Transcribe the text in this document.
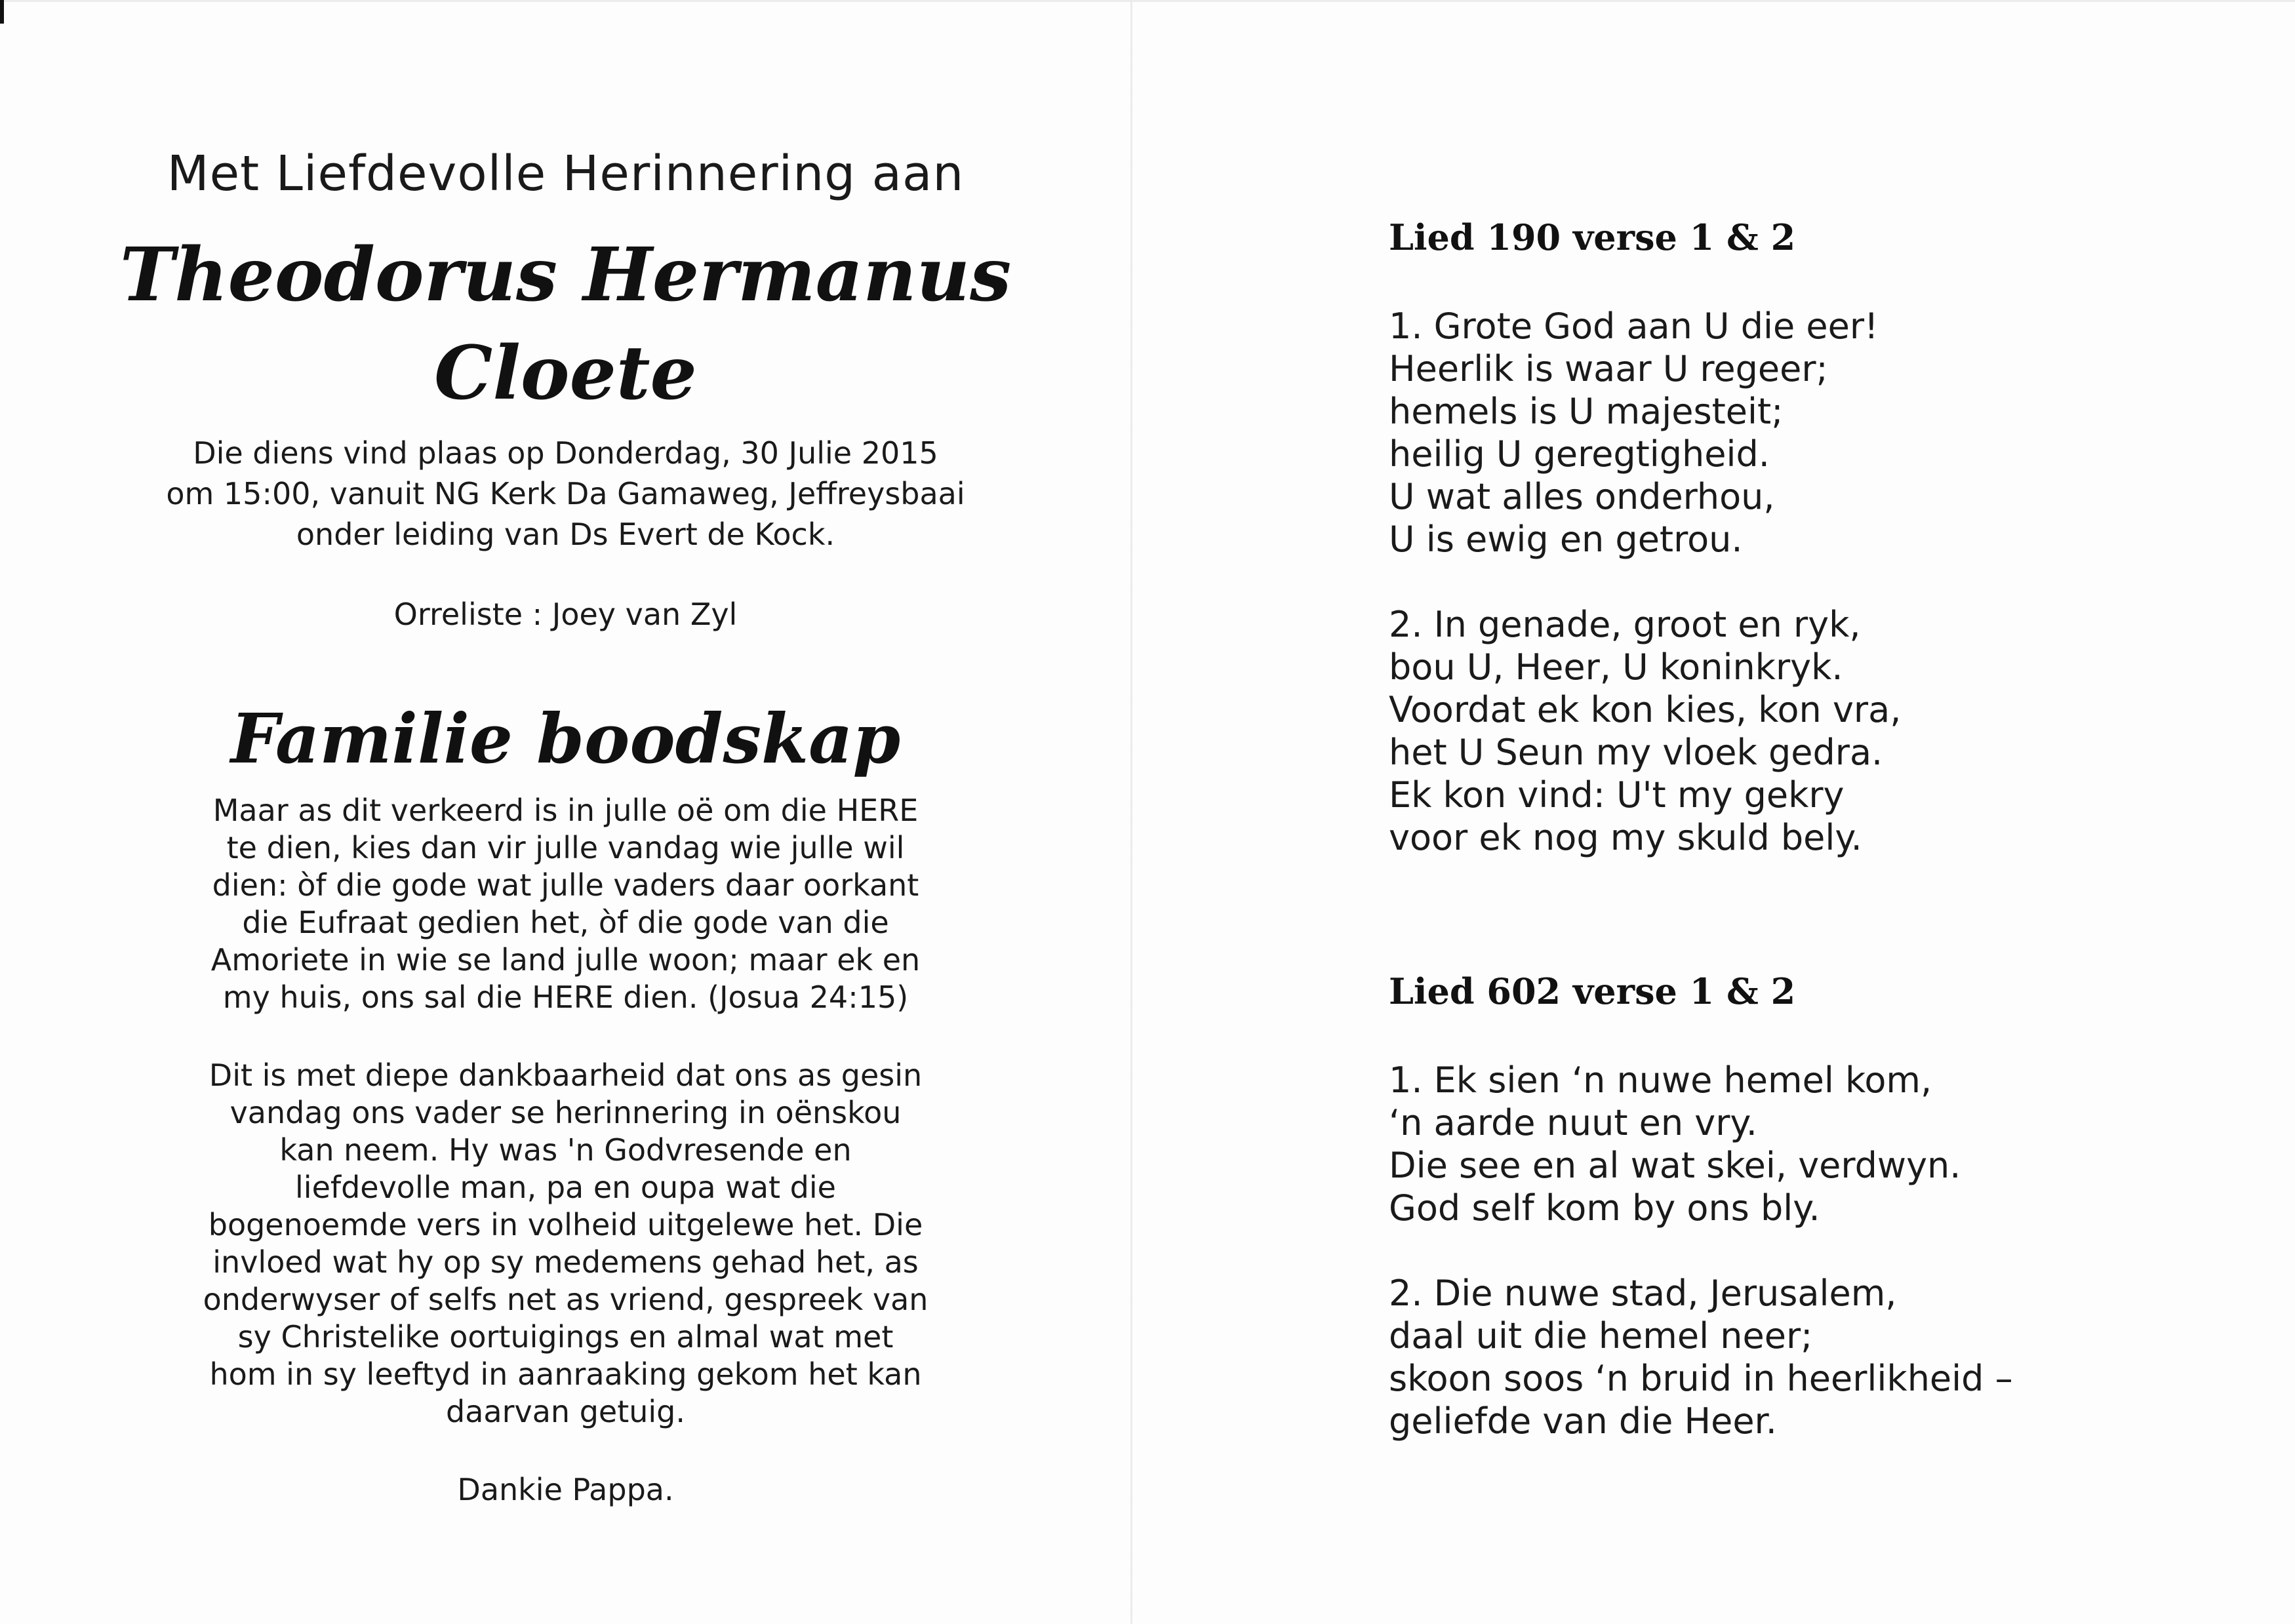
Met Liefdevolle Herinnering aan
Theodorus Hermanus
Cloete
Die diens vind plaas op Donderdag, 30 Julie 2015
om 15:00, vanuit NG Kerk Da Gamaweg, Jeffreysbaai
onder leiding van Ds Evert de Kock.
Orreliste : Joey van Zyl
Familie boodskap
Maar as dit verkeerd is in julle oë om die HERE
te dien, kies dan vir julle vandag wie julle wil
dien: òf die gode wat julle vaders daar oorkant
die Eufraat gedien het, òf die gode van die
Amoriete in wie se land julle woon; maar ek en
my huis, ons sal die HERE dien. (Josua 24:15)
Dit is met diepe dankbaarheid dat ons as gesin
vandag ons vader se herinnering in oënskou
kan neem. Hy was 'n Godvresende en
liefdevolle man, pa en oupa wat die
bogenoemde vers in volheid uitgelewe het. Die
invloed wat hy op sy medemens gehad het, as
onderwyser of selfs net as vriend, gespreek van
sy Christelike oortuigings en almal wat met
hom in sy leeftyd in aanraaking gekom het kan
daarvan getuig.
Dankie Pappa.
Lied 190 verse 1 & 2
1. Grote God aan U die eer!
Heerlik is waar U regeer;
hemels is U majesteit;
heilig U geregtigheid.
U wat alles onderhou,
U is ewig en getrou.
2. In genade, groot en ryk,
bou U, Heer, U koninkryk.
Voordat ek kon kies, kon vra,
het U Seun my vloek gedra.
Ek kon vind: U't my gekry
voor ek nog my skuld bely.
Lied 602 verse 1 & 2
1. Ek sien ‘n nuwe hemel kom,
‘n aarde nuut en vry.
Die see en al wat skei, verdwyn.
God self kom by ons bly.
2. Die nuwe stad, Jerusalem,
daal uit die hemel neer;
skoon soos ‘n bruid in heerlikheid –
geliefde van die Heer.
